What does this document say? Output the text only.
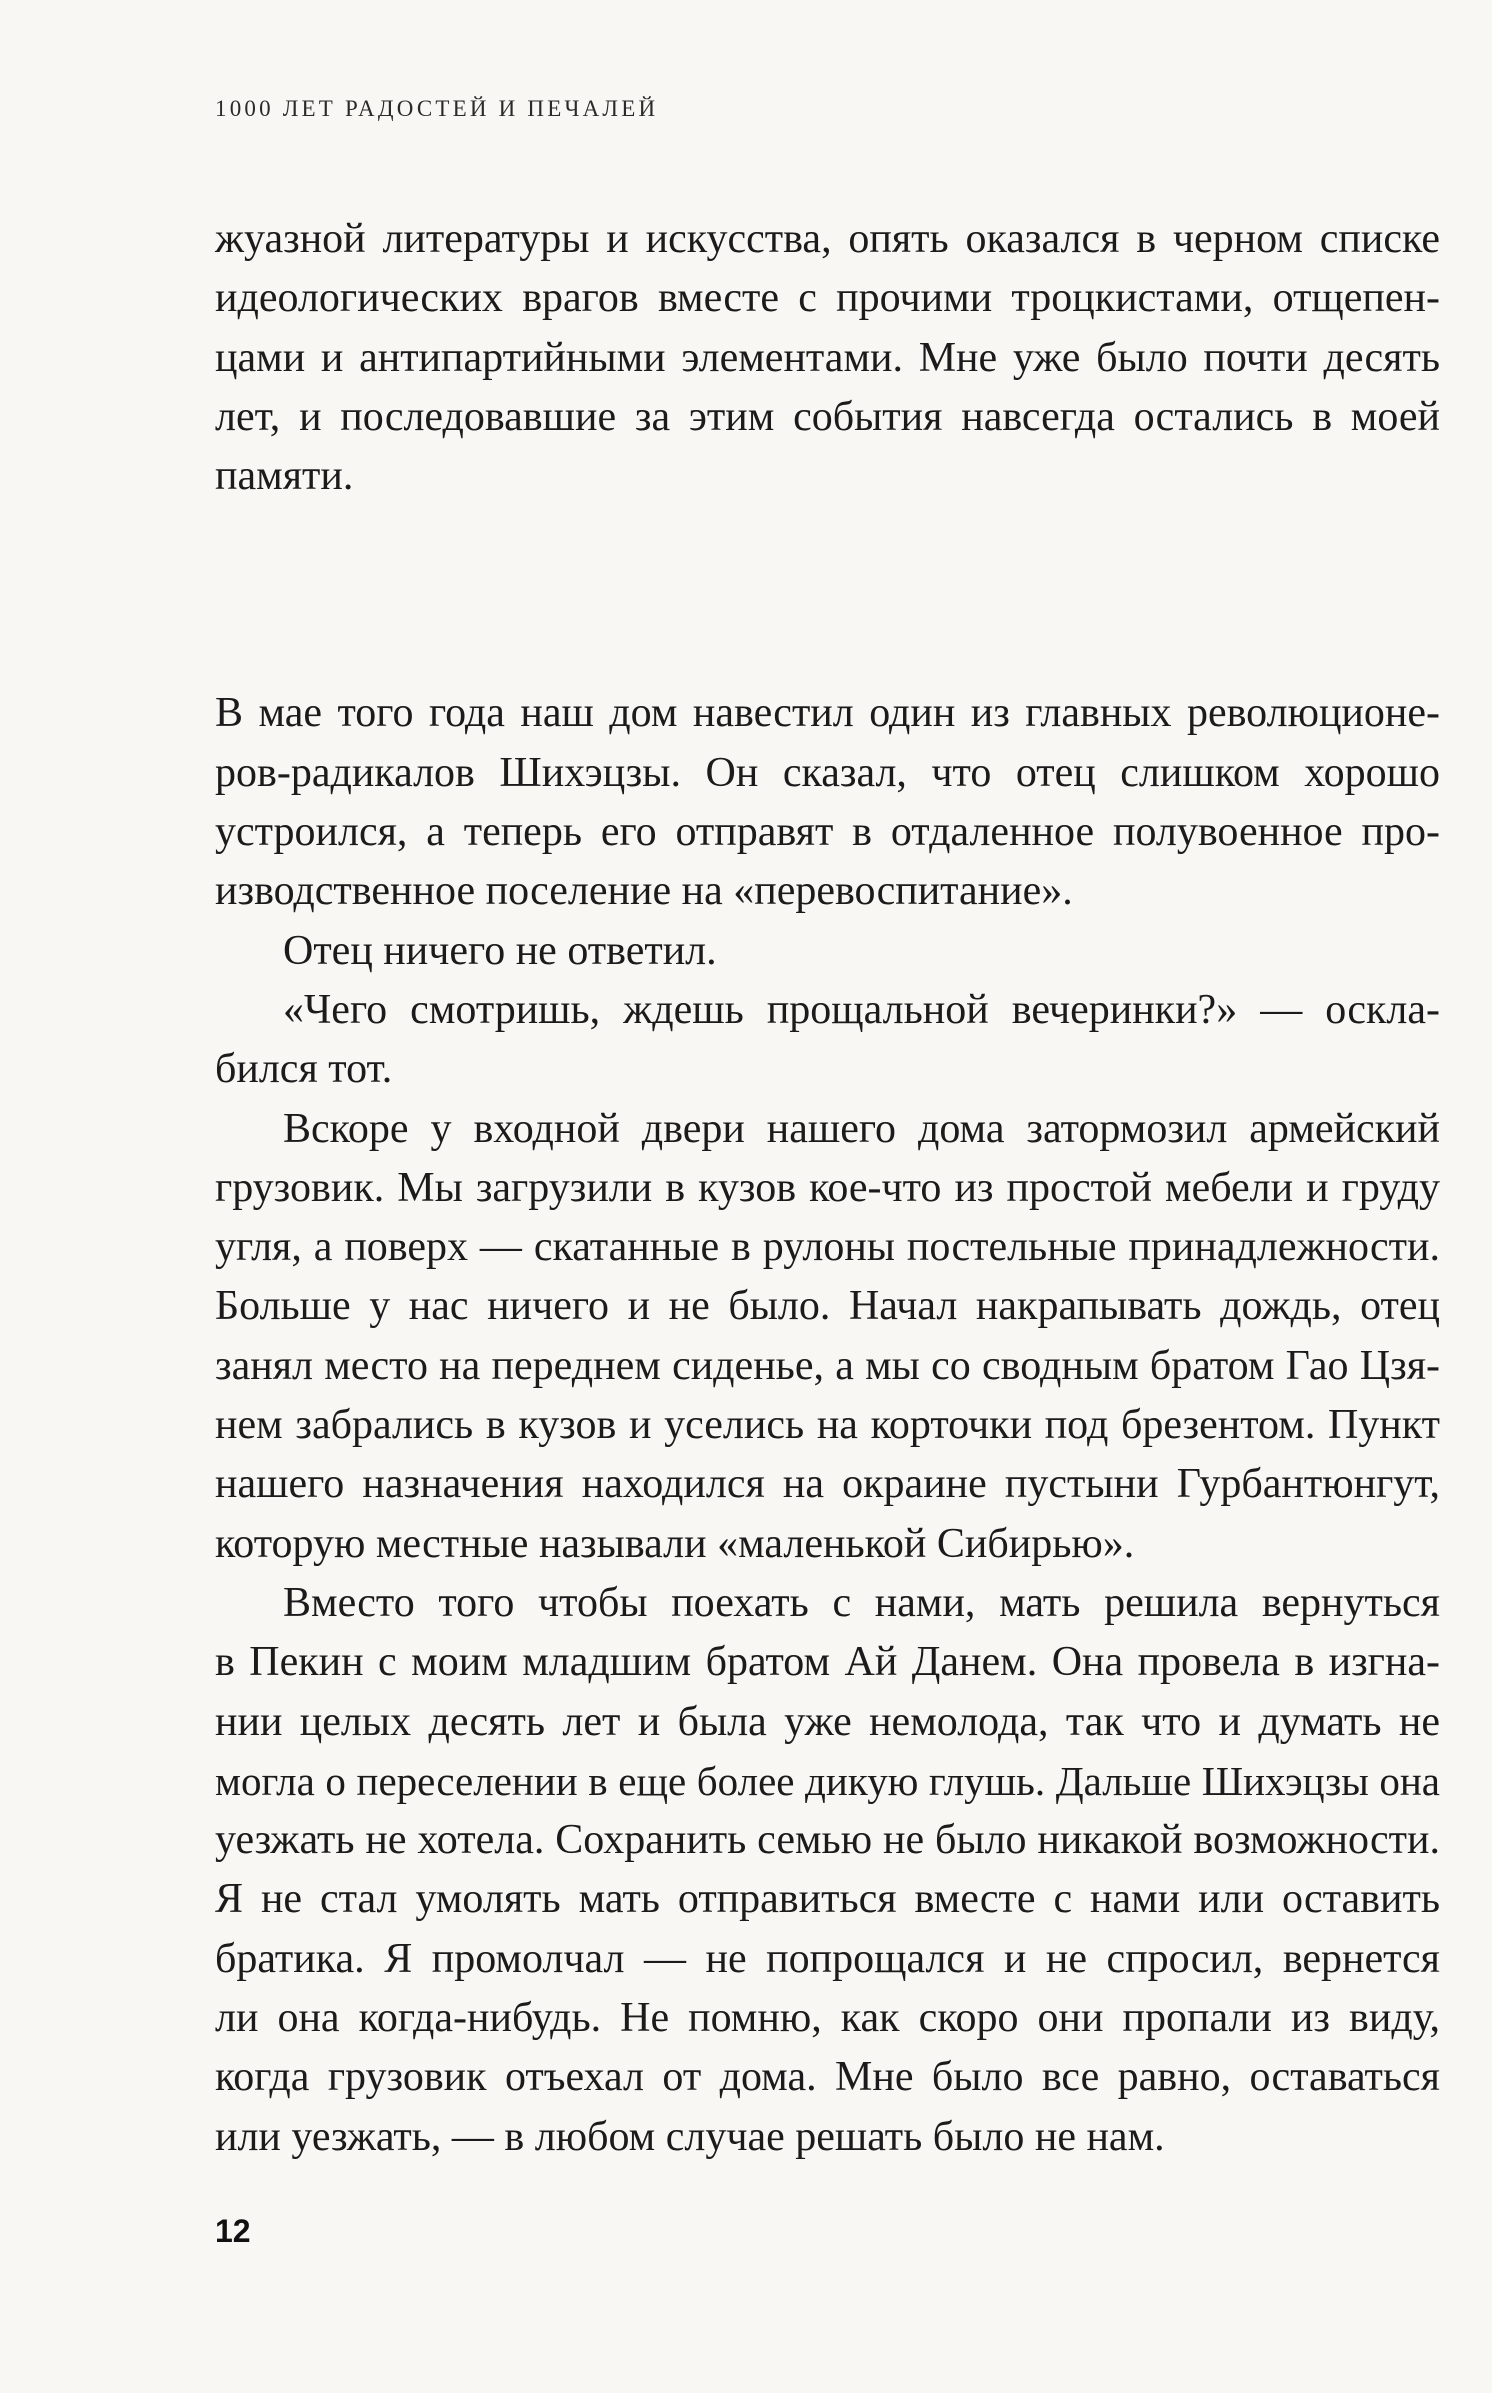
1000 ЛЕТ РАДОСТЕЙ И ПЕЧАЛЕЙ
жуазной литературы и искусства, опять оказался в черном списке
идеологических врагов вместе с прочими троцкистами, отщепен-
цами и антипартийными элементами. Мне уже было почти десять
лет, и последовавшие за этим события навсегда остались в моей
памяти.
В мае того года наш дом навестил один из главных революционе-
ров-радикалов Шихэцзы. Он сказал, что отец слишком хорошо
устроился, а теперь его отправят в отдаленное полувоенное про-
изводственное поселение на «перевоспитание».
Отец ничего не ответил.
«Чего смотришь, ждешь прощальной вечеринки?» — оскла-
бился тот.
Вскоре у входной двери нашего дома затормозил армейский
грузовик. Мы загрузили в кузов кое-что из простой мебели и груду
угля, а поверх — скатанные в рулоны постельные принадлежности.
Больше у нас ничего и не было. Начал накрапывать дождь, отец
занял место на переднем сиденье, а мы со сводным братом Гао Цзя-
нем забрались в кузов и уселись на корточки под брезентом. Пункт
нашего назначения находился на окраине пустыни Гурбантюнгут,
которую местные называли «маленькой Сибирью».
Вместо того чтобы поехать с нами, мать решила вернуться
в Пекин с моим младшим братом Ай Данем. Она провела в изгна-
нии целых десять лет и была уже немолода, так что и думать не
могла о переселении в еще более дикую глушь. Дальше Шихэцзы она
уезжать не хотела. Сохранить семью не было никакой возможности.
Я не стал умолять мать отправиться вместе с нами или оставить
братика. Я промолчал — не попрощался и не спросил, вернется
ли она когда-нибудь. Не помню, как скоро они пропали из виду,
когда грузовик отъехал от дома. Мне было все равно, оставаться
или уезжать, — в любом случае решать было не нам.
12
